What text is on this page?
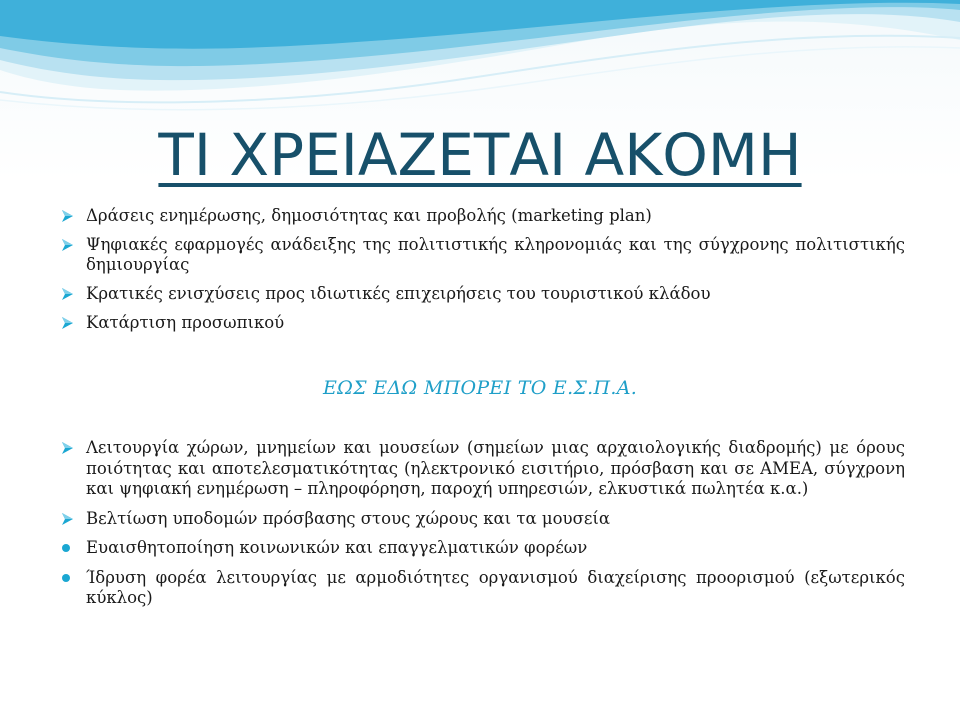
ΤΙ ΧΡΕΙΑΖΕΤΑΙ ΑΚΟΜΗ
Δράσεις ενημέρωσης, δημοσιότητας και προβολής (marketing plan)
Ψηφιακές εφαρμογές ανάδειξης της πολιτιστικής κληρονομιάς και της σύγχρονης πολιτιστικής δημιουργίας
Κρατικές ενισχύσεις προς ιδιωτικές επιχειρήσεις του τουριστικού κλάδου
Κατάρτιση προσωπικού

ΕΩΣ ΕΔΩ ΜΠΟΡΕΙ ΤΟ Ε.Σ.Π.Α.

Λειτουργία χώρων, μνημείων και μουσείων (σημείων μιας αρχαιολογικής διαδρομής) με όρους ποιότητας και αποτελεσματικότητας (ηλεκτρονικό εισιτήριο, πρόσβαση και σε ΑΜΕΑ, σύγχρονη και ψηφιακή ενημέρωση – πληροφόρηση, παροχή υπηρεσιών, ελκυστικά πωλητέα κ.α.)
Βελτίωση υποδομών πρόσβασης στους χώρους και τα μουσεία
Ευαισθητοποίηση κοινωνικών και επαγγελματικών φορέων
Ίδρυση φορέα λειτουργίας με αρμοδιότητες οργανισμού διαχείρισης προορισμού (εξωτερικός κύκλος)
